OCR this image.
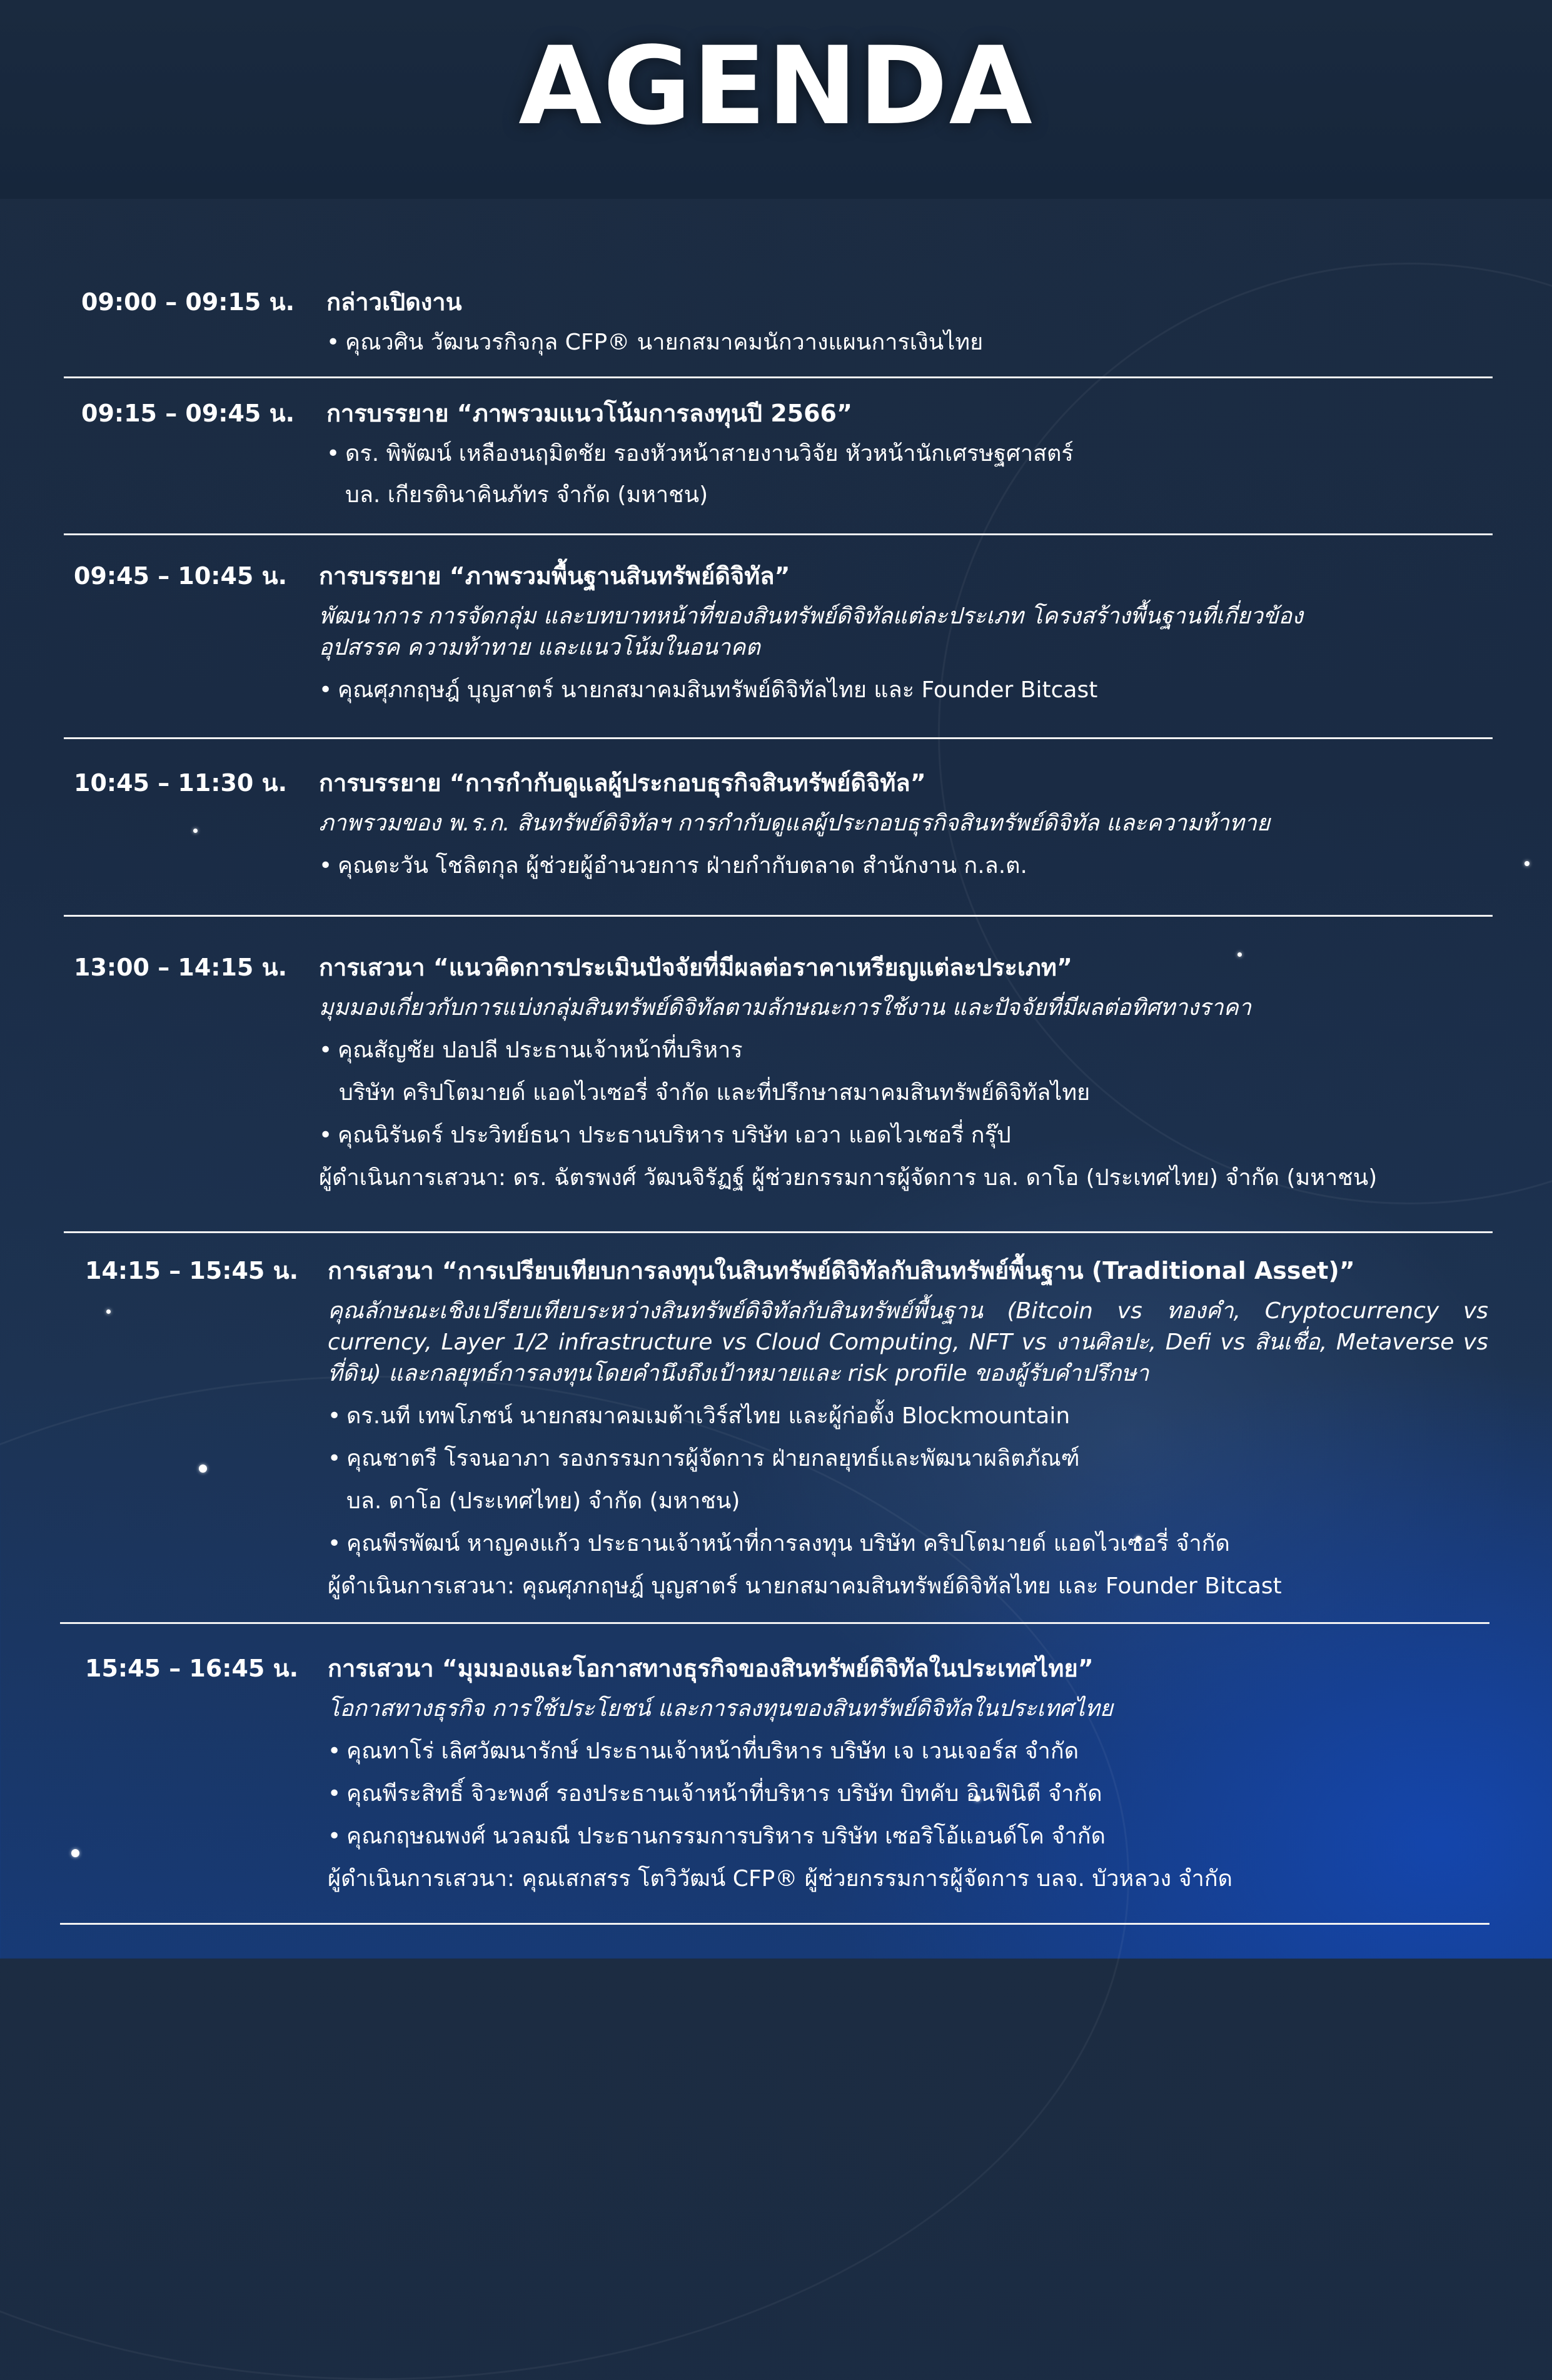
AGENDA
09:00 – 09:15 น. กล่าวเปิดงาน
• คุณวศิน วัฒนวรกิจกุล CFP® นายกสมาคมนักวางแผนการเงินไทย
09:15 – 09:45 น. การบรรยาย “ภาพรวมแนวโน้มการลงทุนปี 2566”
• ดร. พิพัฒน์ เหลืองนฤมิตชัย รองหัวหน้าสายงานวิจัย หัวหน้านักเศรษฐศาสตร์
บล. เกียรตินาคินภัทร จำกัด (มหาชน)
09:45 – 10:45 น. การบรรยาย “ภาพรวมพื้นฐานสินทรัพย์ดิจิทัล”
พัฒนาการ การจัดกลุ่ม และบทบาทหน้าที่ของสินทรัพย์ดิจิทัลแต่ละประเภท โครงสร้างพื้นฐานที่เกี่ยวข้อง
อุปสรรค ความท้าทาย และแนวโน้มในอนาคต
• คุณศุภกฤษฎ์ บุญสาตร์ นายกสมาคมสินทรัพย์ดิจิทัลไทย และ Founder Bitcast
10:45 – 11:30 น. การบรรยาย “การกำกับดูแลผู้ประกอบธุรกิจสินทรัพย์ดิจิทัล”
ภาพรวมของ พ.ร.ก. สินทรัพย์ดิจิทัลฯ การกำกับดูแลผู้ประกอบธุรกิจสินทรัพย์ดิจิทัล และความท้าทาย
• คุณตะวัน โชลิตกุล ผู้ช่วยผู้อำนวยการ ฝ่ายกำกับตลาด สำนักงาน ก.ล.ต.
13:00 – 14:15 น. การเสวนา “แนวคิดการประเมินปัจจัยที่มีผลต่อราคาเหรียญแต่ละประเภท”
มุมมองเกี่ยวกับการแบ่งกลุ่มสินทรัพย์ดิจิทัลตามลักษณะการใช้งาน และปัจจัยที่มีผลต่อทิศทางราคา
• คุณสัญชัย ปอปลี ประธานเจ้าหน้าที่บริหาร
บริษัท คริปโตมายด์ แอดไวเซอรี่ จำกัด และที่ปรึกษาสมาคมสินทรัพย์ดิจิทัลไทย
• คุณนิรันดร์ ประวิทย์ธนา ประธานบริหาร บริษัท เอวา แอดไวเซอรี่ กรุ๊ป
ผู้ดำเนินการเสวนา: ดร. ฉัตรพงศ์ วัฒนจิรัฏฐ์ ผู้ช่วยกรรมการผู้จัดการ บล. ดาโอ (ประเทศไทย) จำกัด (มหาชน)
14:15 – 15:45 น. การเสวนา “การเปรียบเทียบการลงทุนในสินทรัพย์ดิจิทัลกับสินทรัพย์พื้นฐาน (Traditional Asset)”
คุณลักษณะเชิงเปรียบเทียบระหว่างสินทรัพย์ดิจิทัลกับสินทรัพย์พื้นฐาน (Bitcoin vs ทองคำ, Cryptocurrency vs currency, Layer 1/2 infrastructure vs Cloud Computing, NFT vs งานศิลปะ, Defi vs สินเชื่อ, Metaverse vs ที่ดิน) และกลยุทธ์การลงทุนโดยคำนึงถึงเป้าหมายและ risk profile ของผู้รับคำปรึกษา
• ดร.นที เทพโภชน์ นายกสมาคมเมต้าเวิร์สไทย และผู้ก่อตั้ง Blockmountain
• คุณชาตรี โรจนอาภา รองกรรมการผู้จัดการ ฝ่ายกลยุทธ์และพัฒนาผลิตภัณฑ์
บล. ดาโอ (ประเทศไทย) จำกัด (มหาชน)
• คุณพีรพัฒน์ หาญคงแก้ว ประธานเจ้าหน้าที่การลงทุน บริษัท คริปโตมายด์ แอดไวเซอรี่ จำกัด
ผู้ดำเนินการเสวนา: คุณศุภกฤษฎ์ บุญสาตร์ นายกสมาคมสินทรัพย์ดิจิทัลไทย และ Founder Bitcast
15:45 – 16:45 น. การเสวนา “มุมมองและโอกาสทางธุรกิจของสินทรัพย์ดิจิทัลในประเทศไทย”
โอกาสทางธุรกิจ การใช้ประโยชน์ และการลงทุนของสินทรัพย์ดิจิทัลในประเทศไทย
• คุณทาโร่ เลิศวัฒนารักษ์ ประธานเจ้าหน้าที่บริหาร บริษัท เจ เวนเจอร์ส จำกัด
• คุณพีระสิทธิ์ จิวะพงศ์ รองประธานเจ้าหน้าที่บริหาร บริษัท บิทคับ อินฟินิตี จำกัด
• คุณกฤษณพงศ์ นวลมณี ประธานกรรมการบริหาร บริษัท เซอริโอ้แอนด์โค จำกัด
ผู้ดำเนินการเสวนา: คุณเสกสรร โตวิวัฒน์ CFP® ผู้ช่วยกรรมการผู้จัดการ บลจ. บัวหลวง จำกัด
